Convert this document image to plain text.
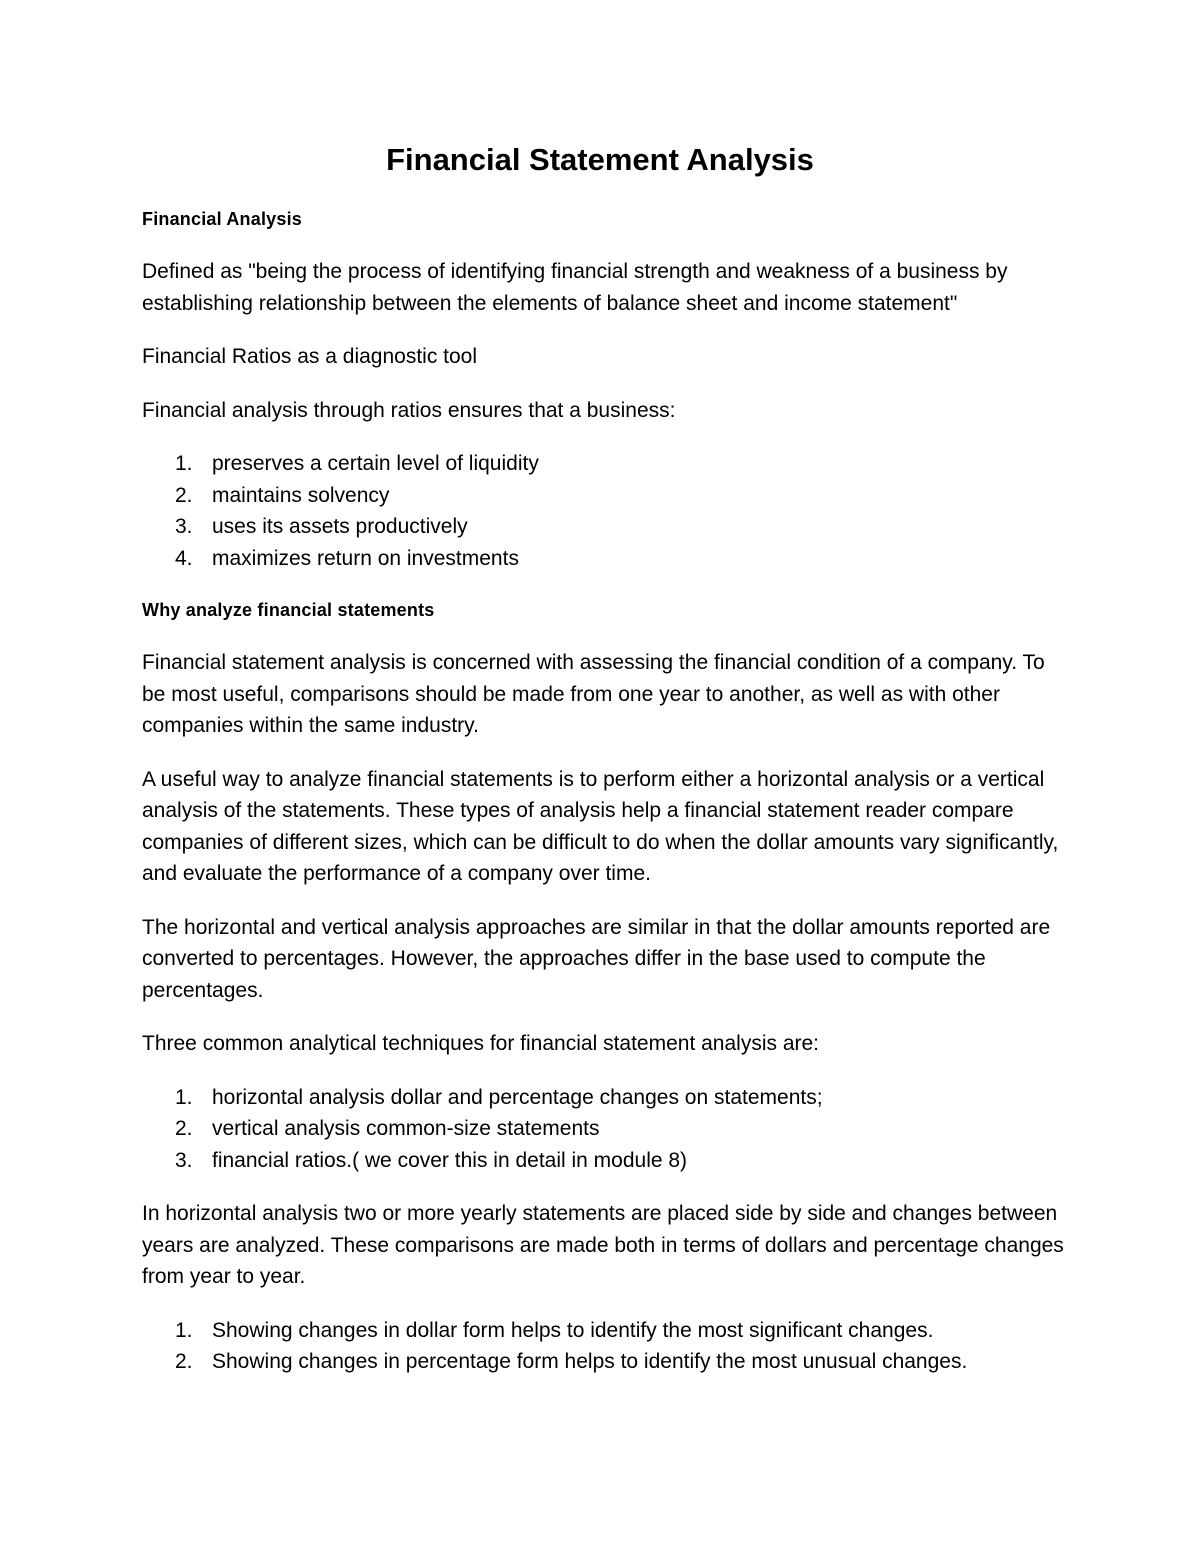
Financial Statement Analysis

Financial Analysis

Defined as "being the process of identifying financial strength and weakness of a business by establishing relationship between the elements of balance sheet and income statement"

Financial Ratios as a diagnostic tool

Financial analysis through ratios ensures that a business:

1. preserves a certain level of liquidity
2. maintains solvency
3. uses its assets productively
4. maximizes return on investments

Why analyze financial statements

Financial statement analysis is concerned with assessing the financial condition of a company. To be most useful, comparisons should be made from one year to another, as well as with other companies within the same industry.

A useful way to analyze financial statements is to perform either a horizontal analysis or a vertical analysis of the statements. These types of analysis help a financial statement reader compare companies of different sizes, which can be difficult to do when the dollar amounts vary significantly, and evaluate the performance of a company over time.

The horizontal and vertical analysis approaches are similar in that the dollar amounts reported are converted to percentages. However, the approaches differ in the base used to compute the percentages.

Three common analytical techniques for financial statement analysis are:

1. horizontal analysis dollar and percentage changes on statements;
2. vertical analysis common-size statements
3. financial ratios.( we cover this in detail in module 8)

In horizontal analysis two or more yearly statements are placed side by side and changes between years are analyzed. These comparisons are made both in terms of dollars and percentage changes from year to year.

1. Showing changes in dollar form helps to identify the most significant changes.
2. Showing changes in percentage form helps to identify the most unusual changes.
